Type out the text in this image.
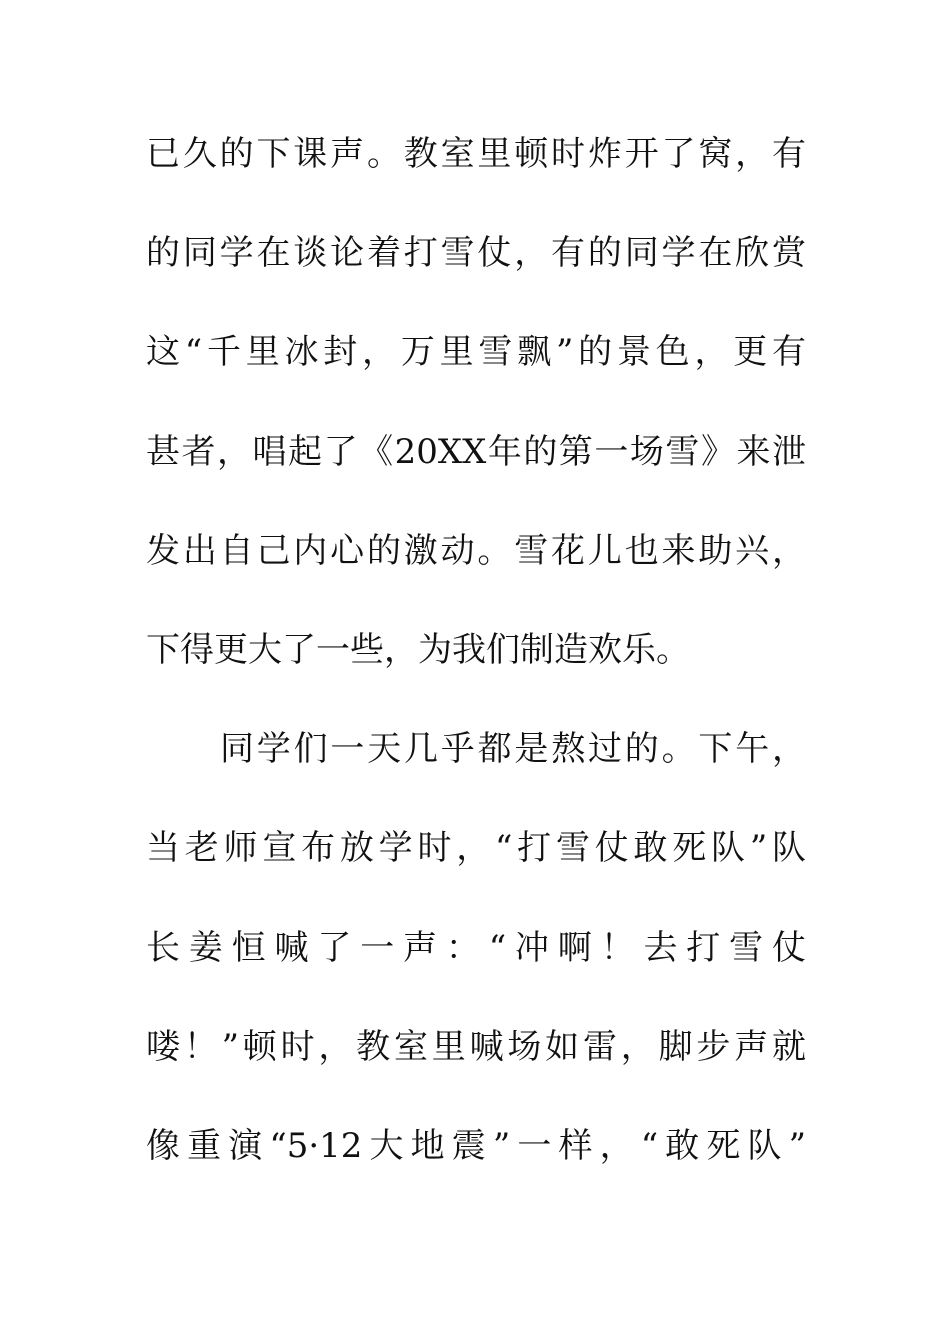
已久的下课声。教室里顿时炸开了窝，有
的同学在谈论着打雪仗，有的同学在欣赏
这“千里冰封，万里雪飘”的景色，更有
甚者，唱起了《20XX年的第一场雪》来泄
发出自己内心的激动。雪花儿也来助兴，
下得更大了一些，为我们制造欢乐。
同学们一天几乎都是熬过的。下午，
当老师宣布放学时，“打雪仗敢死队”队
长姜恒喊了一声：“冲啊！去打雪仗
喽！”顿时，教室里喊场如雷，脚步声就
像重演“5·12大地震”一样，“敢死队”
